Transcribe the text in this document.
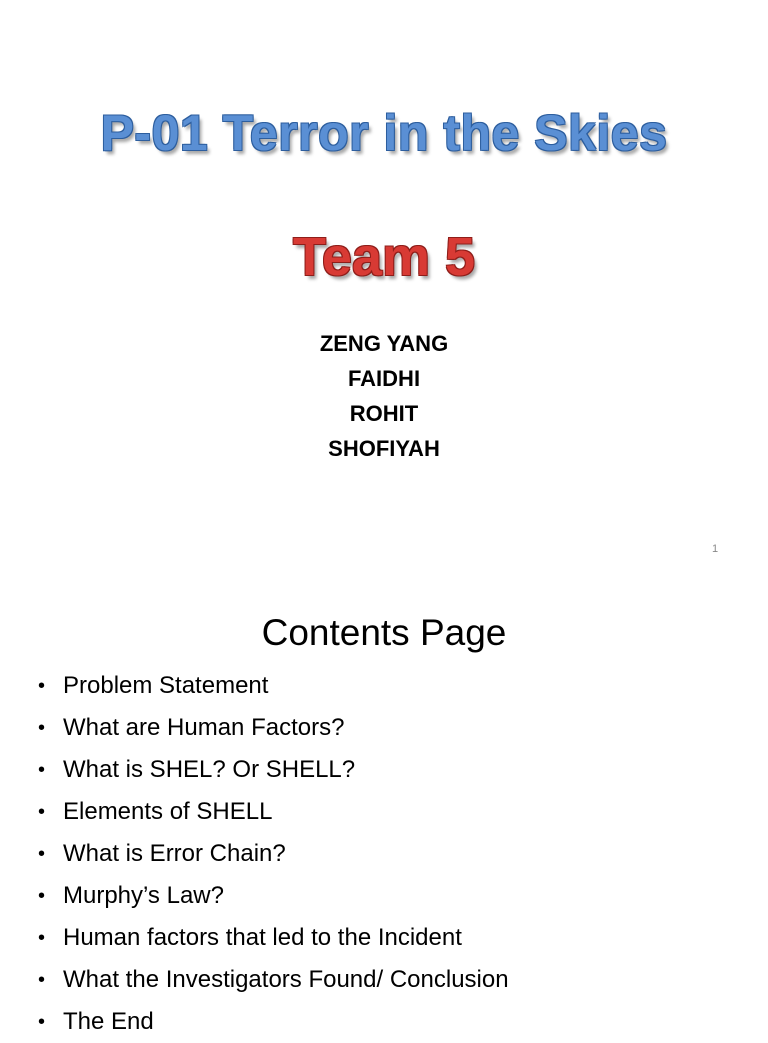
P-01 Terror in the Skies
Team 5
ZENG YANG
FAIDHI
ROHIT
SHOFIYAH
1
Contents Page
• Problem Statement
• What are Human Factors?
• What is SHEL? Or SHELL?
• Elements of SHELL
• What is Error Chain?
• Murphy’s Law?
• Human factors that led to the Incident
• What the Investigators Found/ Conclusion
• The End
